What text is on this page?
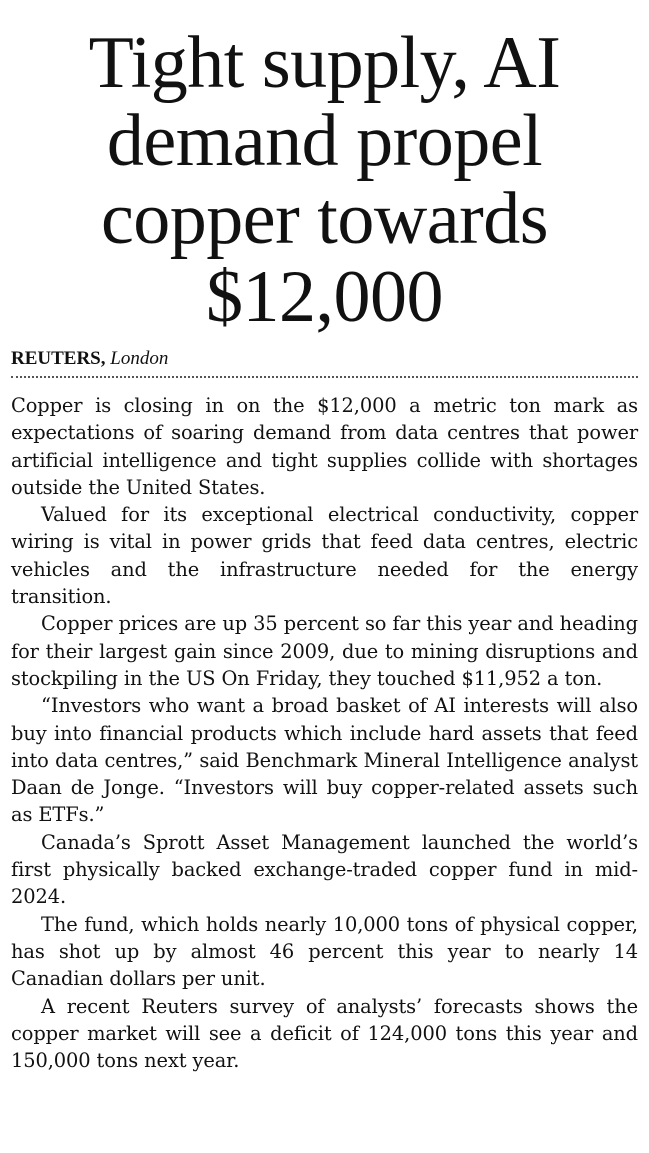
Tight supply, AI demand propel copper towards $12,000
REUTERS, London

Copper is closing in on the $12,000 a metric ton mark as expectations of soaring demand from data centres that power artificial intelligence and tight supplies collide with shortages outside the United States.

Valued for its exceptional electrical conductivity, copper wiring is vital in power grids that feed data centres, electric vehicles and the infrastructure needed for the energy transition.

Copper prices are up 35 percent so far this year and heading for their largest gain since 2009, due to mining disruptions and stockpiling in the US On Friday, they touched $11,952 a ton.

“Investors who want a broad basket of AI interests will also buy into financial products which include hard assets that feed into data centres,” said Benchmark Mineral Intelligence analyst Daan de Jonge. “Investors will buy copper-related assets such as ETFs.”

Canada’s Sprott Asset Management launched the world’s first physically backed exchange-traded copper fund in mid-2024.

The fund, which holds nearly 10,000 tons of physical copper, has shot up by almost 46 percent this year to nearly 14 Canadian dollars per unit.

A recent Reuters survey of analysts’ forecasts shows the copper market will see a deficit of 124,000 tons this year and 150,000 tons next year.
